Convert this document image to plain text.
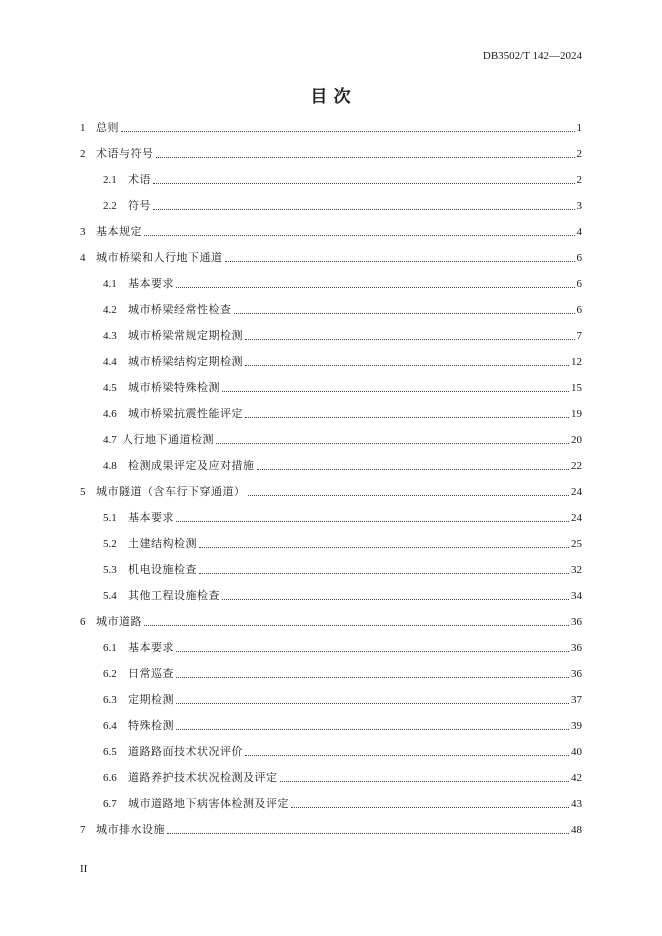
DB3502/T 142—2024
目 次
1 总则	1
2 术语与符号	2
2.1	术语	2
2.2	符号	3
3 基本规定	4
4 城市桥梁和人行地下通道	6
4.1	基本要求	6
4.2	城市桥梁经常性检查	6
4.3	城市桥梁常规定期检测	7
4.4	城市桥梁结构定期检测	12
4.5	城市桥梁特殊检测	15
4.6	城市桥梁抗震性能评定	19
4.7 人行地下通道检测	20
4.8	检测成果评定及应对措施	22
5 城市隧道（含车行下穿通道）	24
5.1	基本要求	24
5.2	土建结构检测	25
5.3	机电设施检查	32
5.4	其他工程设施检查	34
6 城市道路	36
6.1	基本要求	36
6.2	日常巡查	36
6.3	定期检测	37
6.4	特殊检测	39
6.5	道路路面技术状况评价	40
6.6	道路养护技术状况检测及评定	42
6.7	城市道路地下病害体检测及评定	43
7 城市排水设施	48
II
